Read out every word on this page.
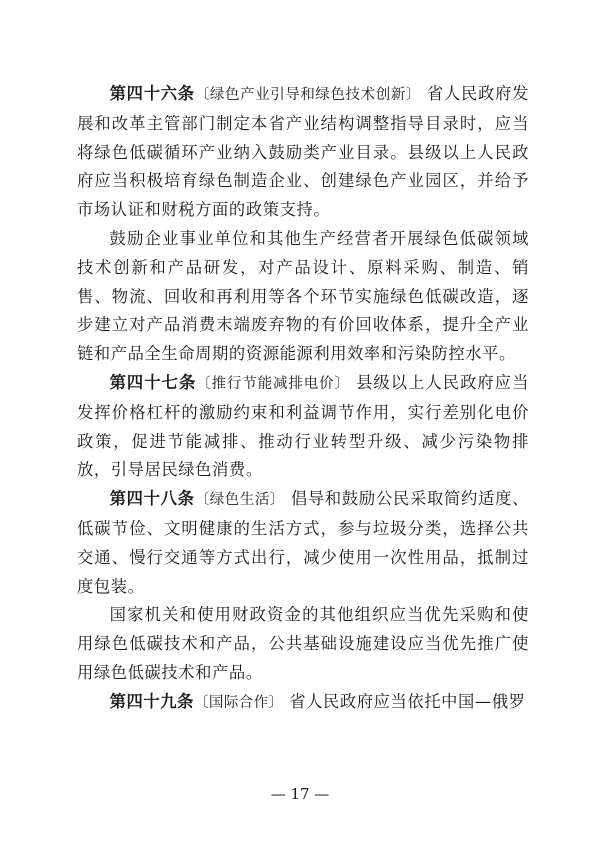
第四十六条〔绿色产业引导和绿色技术创新〕 省人民政府发展和改革主管部门制定本省产业结构调整指导目录时，应当将绿色低碳循环产业纳入鼓励类产业目录。县级以上人民政府应当积极培育绿色制造企业、创建绿色产业园区，并给予市场认证和财税方面的政策支持。

鼓励企业事业单位和其他生产经营者开展绿色低碳领域技术创新和产品研发，对产品设计、原料采购、制造、销售、物流、回收和再利用等各个环节实施绿色低碳改造，逐步建立对产品消费末端废弃物的有价回收体系，提升全产业链和产品全生命周期的资源能源利用效率和污染防控水平。

第四十七条〔推行节能减排电价〕 县级以上人民政府应当发挥价格杠杆的激励约束和利益调节作用，实行差别化电价政策，促进节能减排、推动行业转型升级、减少污染物排放，引导居民绿色消费。

第四十八条〔绿色生活〕 倡导和鼓励公民采取简约适度、低碳节俭、文明健康的生活方式，参与垃圾分类，选择公共交通、慢行交通等方式出行，减少使用一次性用品，抵制过度包装。

国家机关和使用财政资金的其他组织应当优先采购和使用绿色低碳技术和产品，公共基础设施建设应当优先推广使用绿色低碳技术和产品。

第四十九条〔国际合作〕 省人民政府应当依托中国—俄罗

— 17 —
